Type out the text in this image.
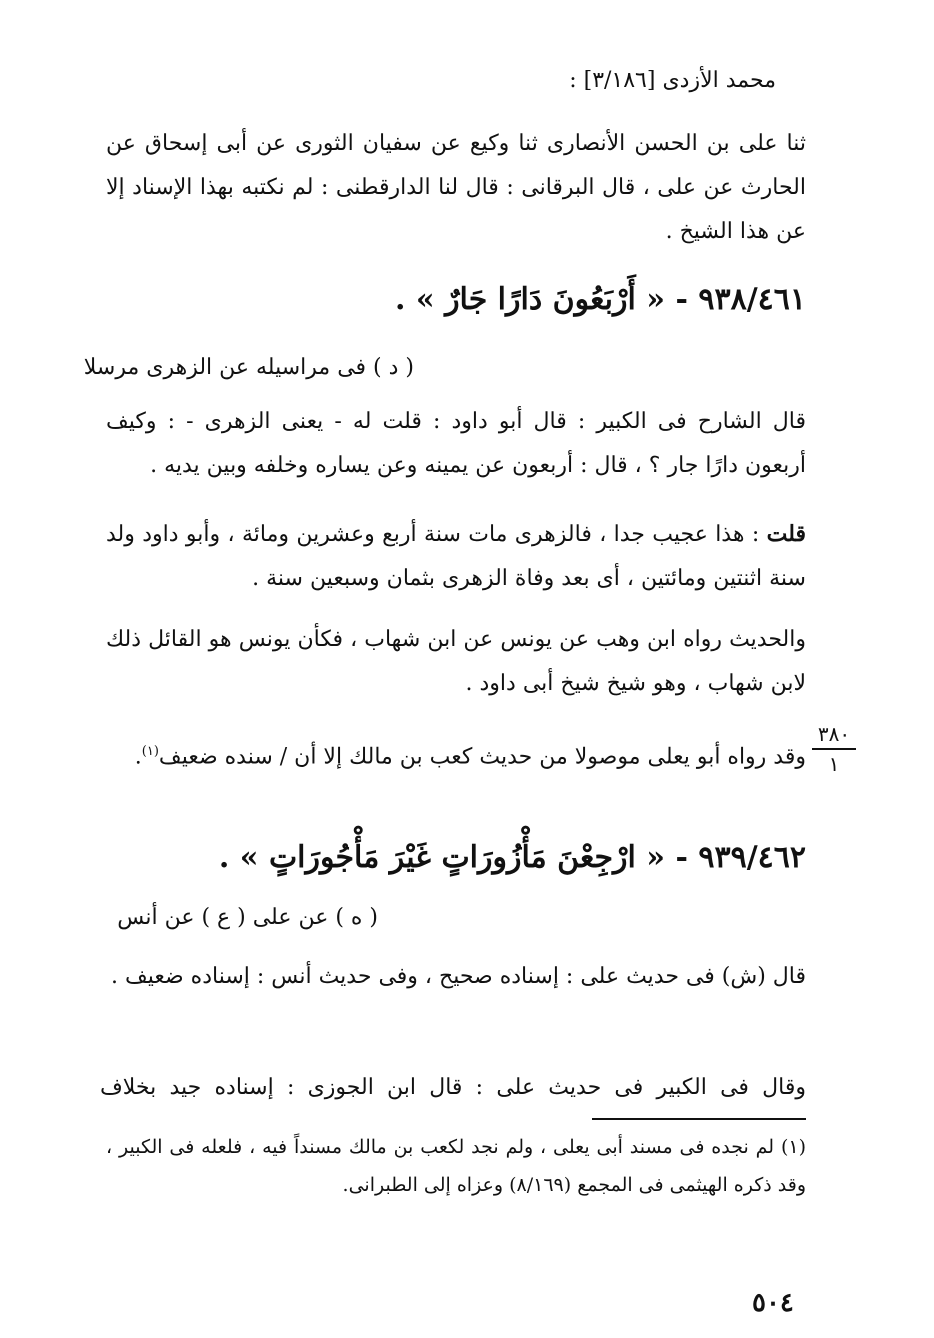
محمد الأزدى [٣/١٨٦] :
ثنا على بن الحسن الأنصارى ثنا وكيع عن سفيان الثورى عن أبى إسحاق عن الحارث عن على ، قال البرقانى : قال لنا الدارقطنى : لم نكتبه بهذا الإسناد إلا عن هذا الشيخ .
٩٣٨/٤٦١ - « أَرْبَعُونَ دَارًا جَارٌ » .
( د ) فى مراسيله عن الزهرى مرسلا
قال الشارح فى الكبير : قال أبو داود : قلت له - يعنى الزهرى - : وكيف أربعون دارًا جار ؟ ، قال : أربعون عن يمينه وعن يساره وخلفه وبين يديه .
قلت : هذا عجيب جدا ، فالزهرى مات سنة أربع وعشرين ومائة ، وأبو داود ولد سنة اثنتين ومائتين ، أى بعد وفاة الزهرى بثمان وسبعين سنة .
والحديث رواه ابن وهب عن يونس عن ابن شهاب ، فكأن يونس هو القائل ذلك لابن شهاب ، وهو شيخ شيخ أبى داود .
٣٨٠
١
وقد رواه أبو يعلى موصولا من حديث كعب بن مالك إلا أن / سنده ضعيف$^{(١)}$.
٩٣٩/٤٦٢ - « ارْجِعْنَ مَأْزُورَاتٍ غَيْرَ مَأْجُورَاتٍ » .
( ه ) عن على ( ع ) عن أنس
قال (ش) فى حديث على : إسناده صحيح ، وفى حديث أنس : إسناده ضعيف .
وقال فى الكبير فى حديث على : قال ابن الجوزى : إسناده جيد بخلاف
(١) لم نجده فى مسند أبى يعلى ، ولم نجد لكعب بن مالك مسنداً فيه ، فلعله فى الكبير ، وقد ذكره الهيثمى فى المجمع (٨/١٦٩) وعزاه إلى الطبرانى.
٥٠٤
